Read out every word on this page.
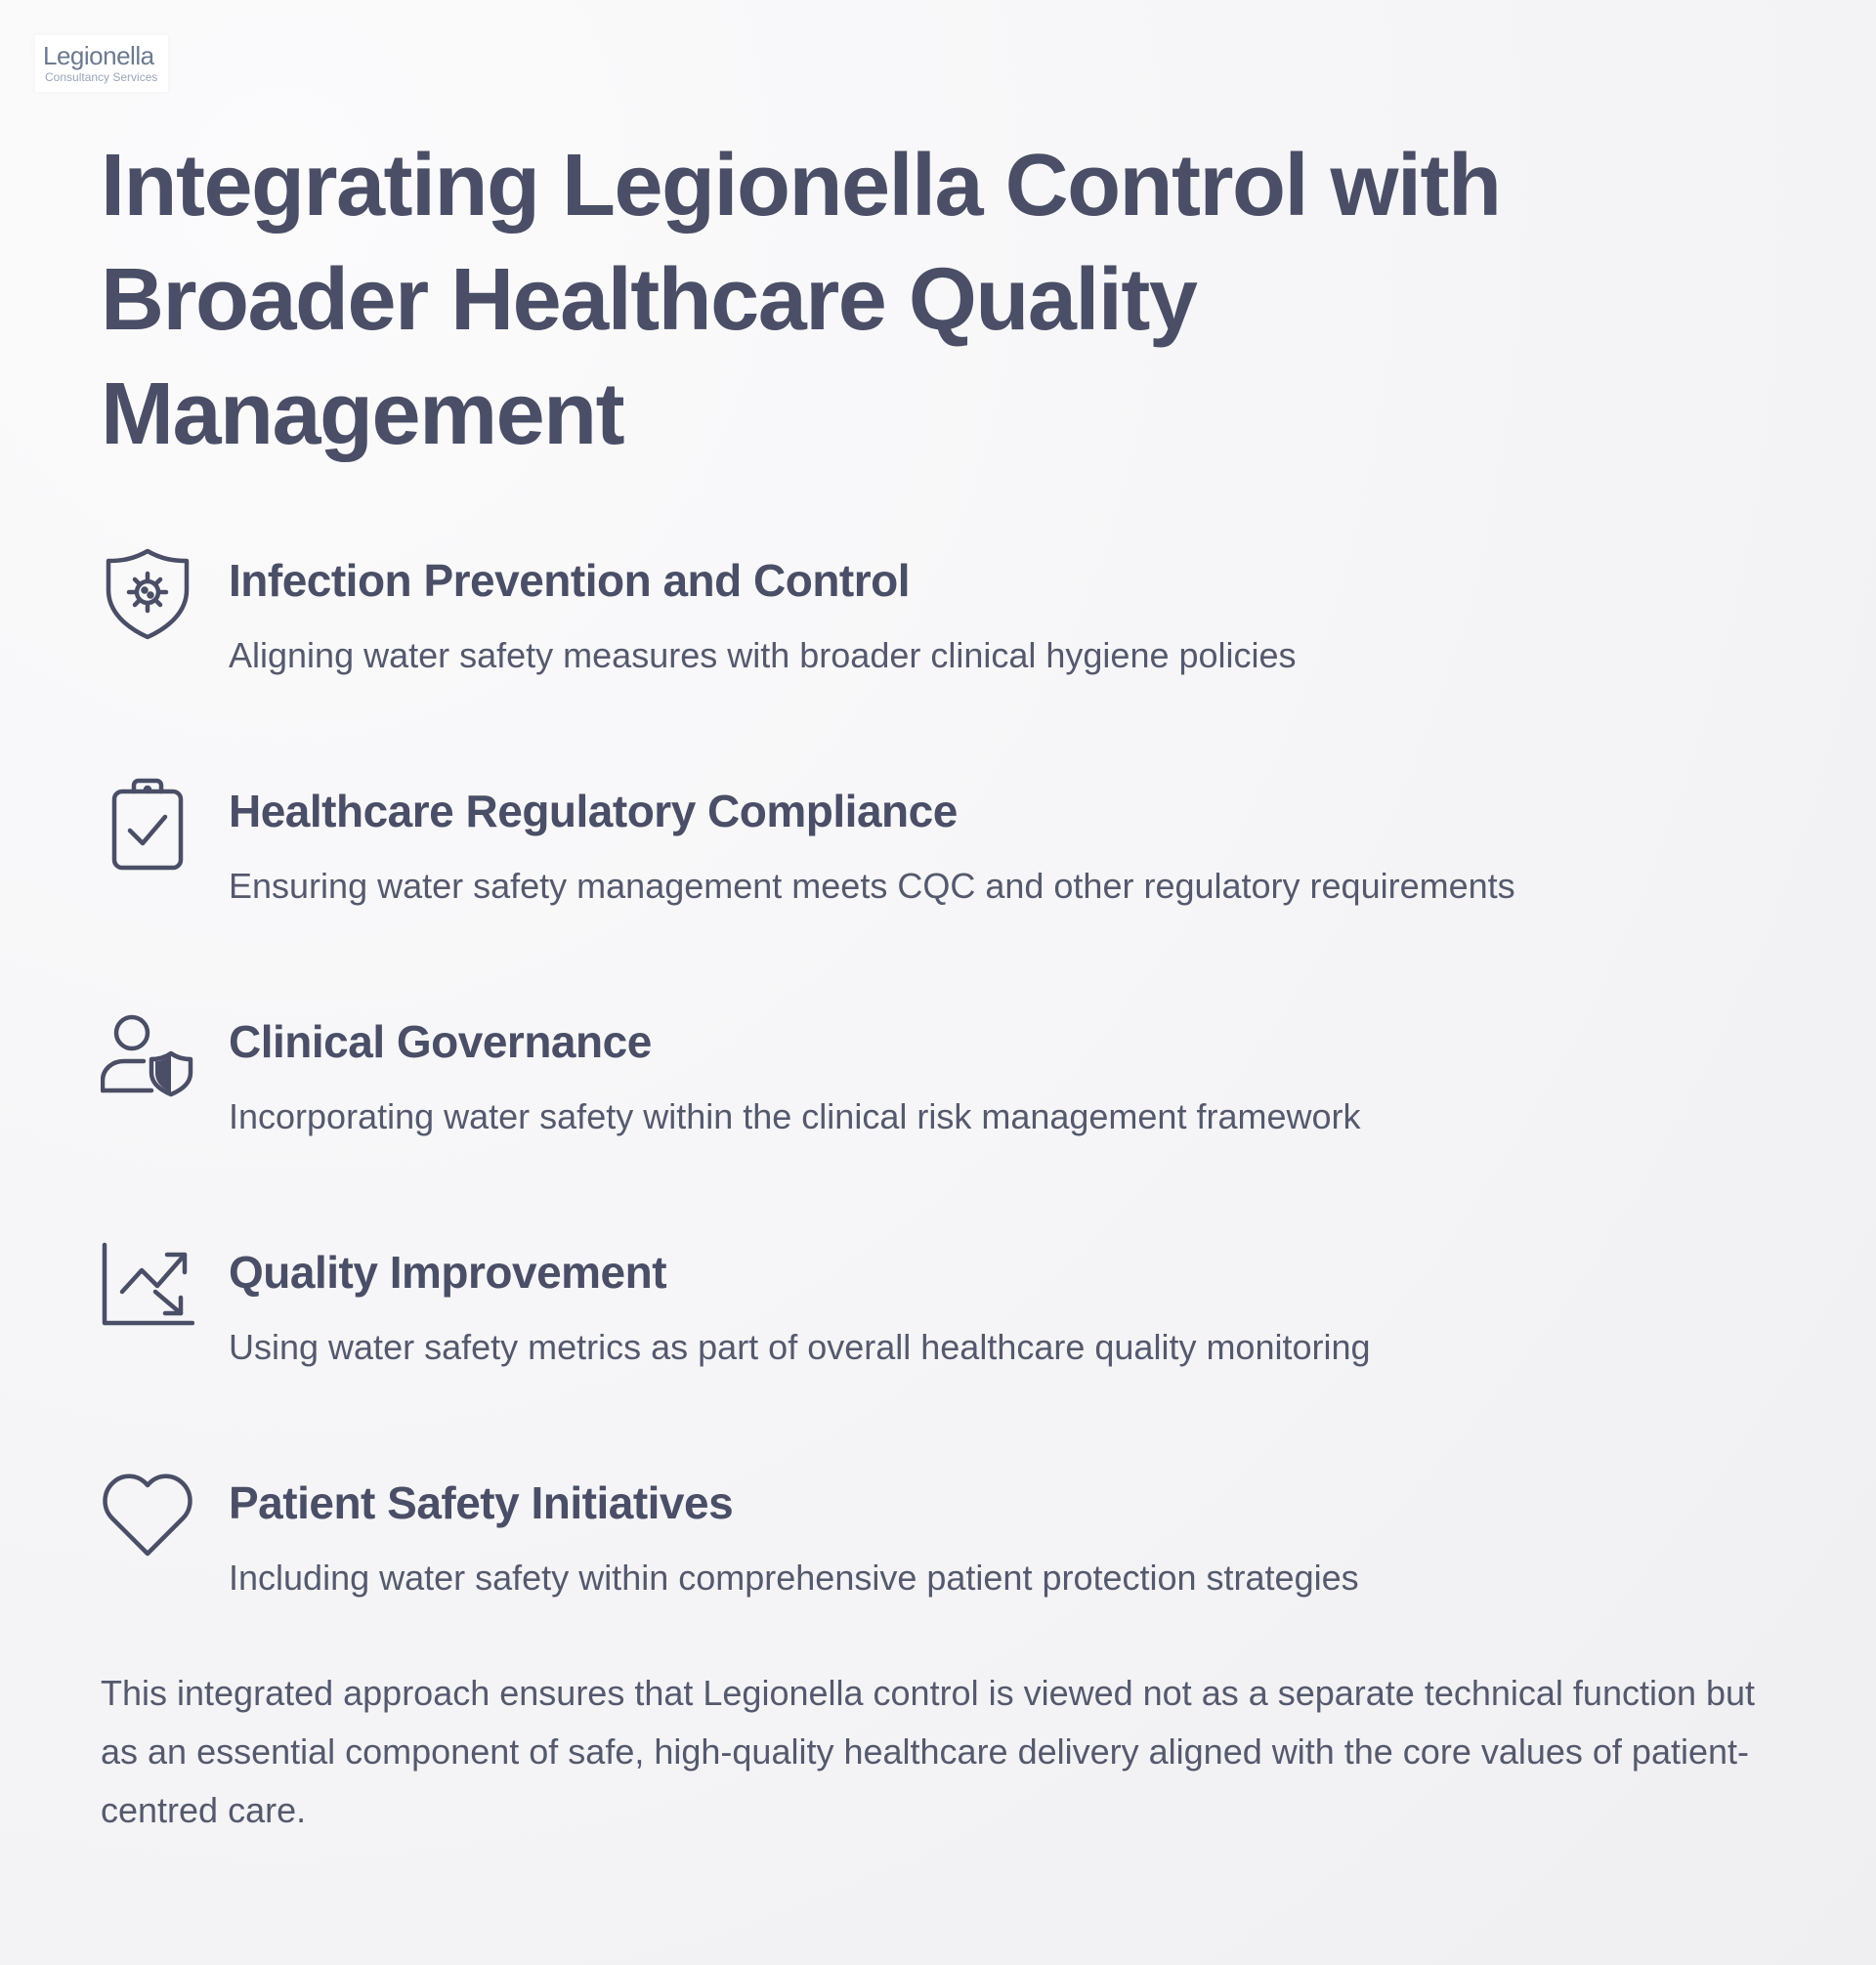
Legionella
Consultancy Services
Integrating Legionella Control with Broader Healthcare Quality Management
Infection Prevention and Control

Aligning water safety measures with broader clinical hygiene policies

Healthcare Regulatory Compliance

Ensuring water safety management meets CQC and other regulatory requirements

Clinical Governance

Incorporating water safety within the clinical risk management framework

Quality Improvement

Using water safety metrics as part of overall healthcare quality monitoring

Patient Safety Initiatives

Including water safety within comprehensive patient protection strategies

This integrated approach ensures that Legionella control is viewed not as a separate technical function but as an essential component of safe, high-quality healthcare delivery aligned with the core values of patient-centred care.
